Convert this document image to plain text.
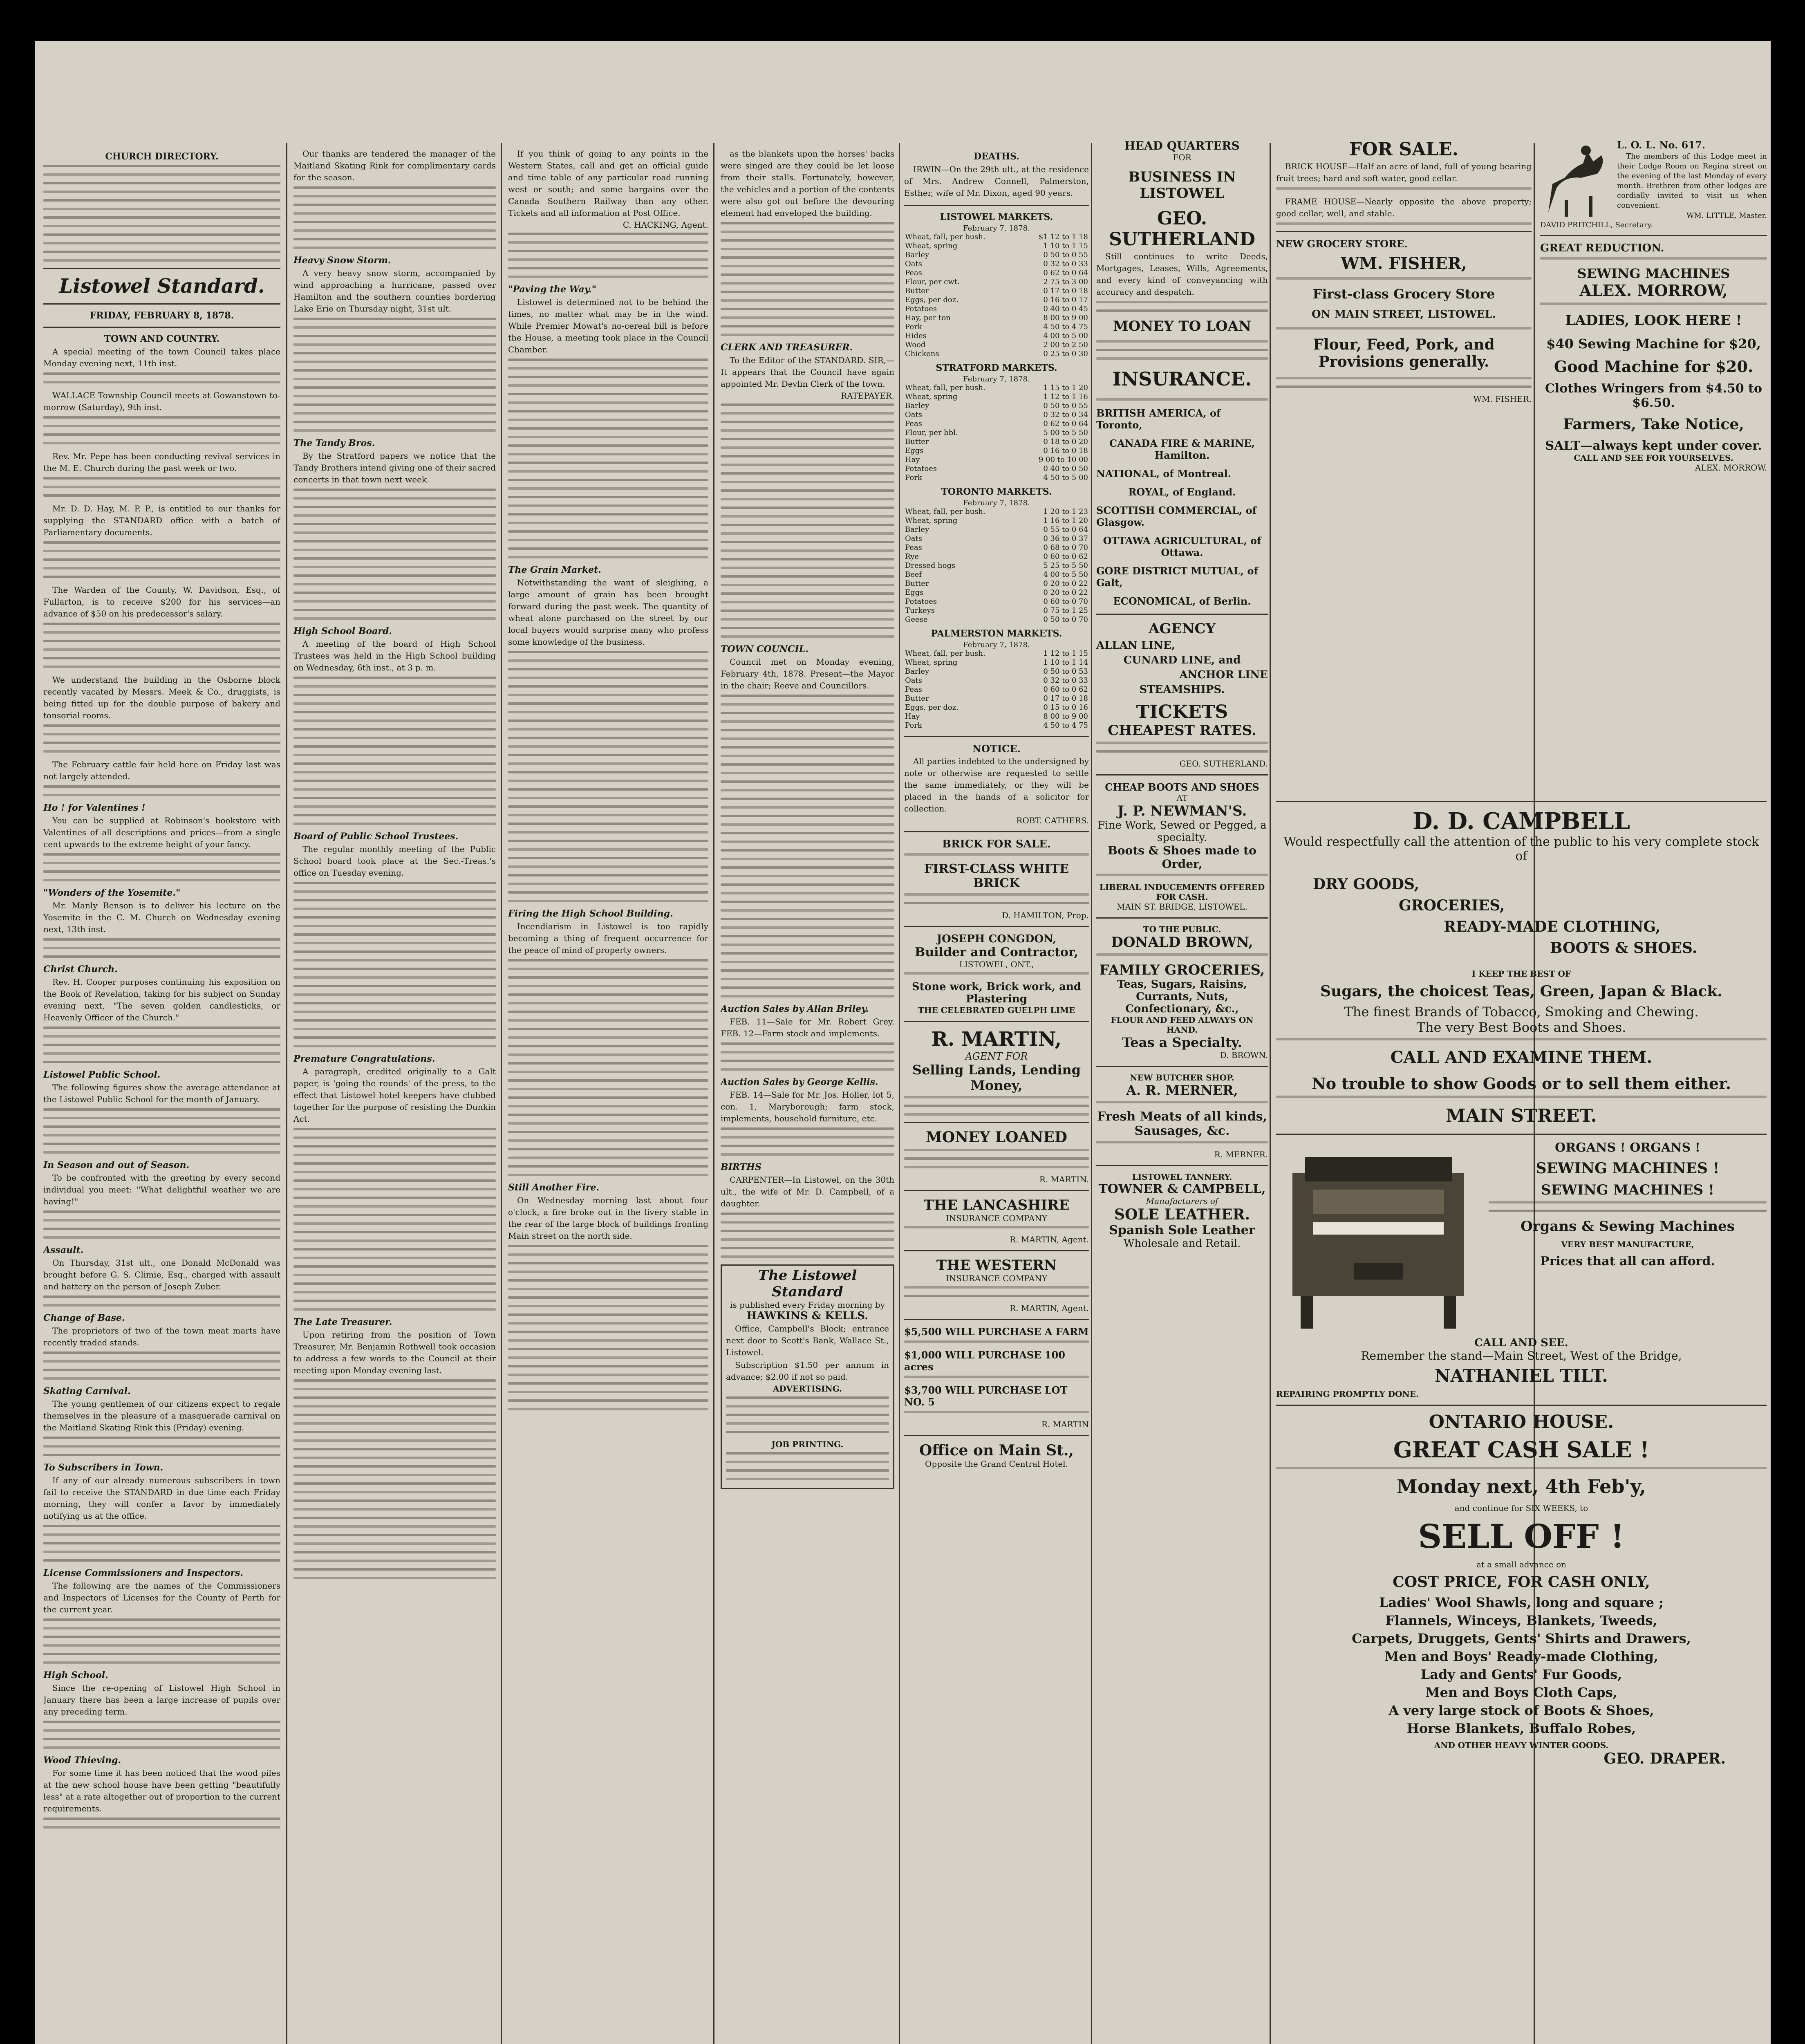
CHURCH DIRECTORY.
Listowel Standard.
FRIDAY, FEBRUARY 8, 1878.
TOWN AND COUNTRY.
A special meeting of the town Council takes place Monday evening next, 11th inst.
WALLACE Township Council meets at Gowanstown to-morrow (Saturday), 9th inst.
Rev. Mr. Pepe has been conducting revival services in the M. E. Church during the past week or two.
Mr. D. D. Hay, M. P. P., is entitled to our thanks for supplying the STANDARD office with a batch of Parliamentary documents.
The Warden of the County, W. Davidson, Esq., of Fullarton, is to receive $200 for his services—an advance of $50 on his predecessor's salary.
We understand the building in the Osborne block recently vacated by Messrs. Meek & Co., druggists, is being fitted up for the double purpose of bakery and tonsorial rooms.
The February cattle fair held here on Friday last was not largely attended.
Ho ! for Valentines !
You can be supplied at Robinson's bookstore with Valentines of all descriptions and prices—from a single cent upwards to the extreme height of your fancy.
"Wonders of the Yosemite."
Mr. Manly Benson is to deliver his lecture on the Yosemite in the C. M. Church on Wednesday evening next, 13th inst.
Christ Church.
Rev. H. Cooper purposes continuing his exposition on the Book of Revelation, taking for his subject on Sunday evening next, "The seven golden candlesticks, or Heavenly Officer of the Church."
Listowel Public School.
The following figures show the average attendance at the Listowel Public School for the month of January.
In Season and out of Season.
To be confronted with the greeting by every second individual you meet: "What delightful weather we are having!"
Assault.
On Thursday, 31st ult., one Donald McDonald was brought before G. S. Climie, Esq., charged with assault and battery on the person of Joseph Zuber.
Change of Base.
The proprietors of two of the town meat marts have recently traded stands.
Skating Carnival.
The young gentlemen of our citizens expect to regale themselves in the pleasure of a masquerade carnival on the Maitland Skating Rink this (Friday) evening.
To Subscribers in Town.
If any of our already numerous subscribers in town fail to receive the STANDARD in due time each Friday morning, they will confer a favor by immediately notifying us at the office.
License Commissioners and Inspectors.
The following are the names of the Commissioners and Inspectors of Licenses for the County of Perth for the current year.
High School.
Since the re-opening of Listowel High School in January there has been a large increase of pupils over any preceding term.
Wood Thieving.
For some time it has been noticed that the wood piles at the new school house have been getting "beautifully less" at a rate altogether out of proportion to the current requirements.
Our thanks are tendered the manager of the Maitland Skating Rink for complimentary cards for the season.
Heavy Snow Storm.
A very heavy snow storm, accompanied by wind approaching a hurricane, passed over Hamilton and the southern counties bordering Lake Erie on Thursday night, 31st ult.
The Tandy Bros.
By the Stratford papers we notice that the Tandy Brothers intend giving one of their sacred concerts in that town next week.
High School Board.
A meeting of the board of High School Trustees was held in the High School building on Wednesday, 6th inst., at 3 p. m.
Board of Public School Trustees.
The regular monthly meeting of the Public School board took place at the Sec.-Treas.'s office on Tuesday evening.
Premature Congratulations.
A paragraph, credited originally to a Galt paper, is 'going the rounds' of the press, to the effect that Listowel hotel keepers have clubbed together for the purpose of resisting the Dunkin Act.
The Late Treasurer.
Upon retiring from the position of Town Treasurer, Mr. Benjamin Rothwell took occasion to address a few words to the Council at their meeting upon Monday evening last.
If you think of going to any points in the Western States, call and get an official guide and time table of any particular road running west or south; and some bargains over the Canada Southern Railway than any other. Tickets and all information at Post Office.
C. HACKING, Agent.
"Paving the Way."
Listowel is determined not to be behind the times, no matter what may be in the wind. While Premier Mowat's no-cereal bill is before the House, a meeting took place in the Council Chamber.
The Grain Market.
Notwithstanding the want of sleighing, a large amount of grain has been brought forward during the past week. The quantity of wheat alone purchased on the street by our local buyers would surprise many who profess some knowledge of the business.
Firing the High School Building.
Incendiarism in Listowel is too rapidly becoming a thing of frequent occurrence for the peace of mind of property owners.
Still Another Fire.
On Wednesday morning last about four o'clock, a fire broke out in the livery stable in the rear of the large block of buildings fronting Main street on the north side.
as the blankets upon the horses' backs were singed are they could be let loose from their stalls. Fortunately, however, the vehicles and a portion of the contents were also got out before the devouring element had enveloped the building.
CLERK AND TREASURER.
To the Editor of the STANDARD. SIR,—It appears that the Council have again appointed Mr. Devlin Clerk of the town.
RATEPAYER.
TOWN COUNCIL.
Council met on Monday evening, February 4th, 1878. Present—the Mayor in the chair; Reeve and Councillors.
Auction Sales by Allan Briley.
FEB. 11—Sale for Mr. Robert Grey. FEB. 12—Farm stock and implements.
Auction Sales by George Kellis.
FEB. 14—Sale for Mr. Jos. Holler, lot 5, con. 1, Maryborough; farm stock, implements, household furniture, etc.
BIRTHS
CARPENTER—In Listowel, on the 30th ult., the wife of Mr. D. Campbell, of a daughter.
The Listowel Standard
is published every Friday morning by
HAWKINS & KELLS.
Office, Campbell's Block; entrance next door to Scott's Bank, Wallace St., Listowel.
Subscription $1.50 per annum in advance; $2.00 if not so paid.
ADVERTISING.
JOB PRINTING.
DEATHS.
IRWIN—On the 29th ult., at the residence of Mrs. Andrew Connell, Palmerston, Esther, wife of Mr. Dixon, aged 90 years.
LISTOWEL MARKETS.
February 7, 1878.
Wheat, fall, per bush.	$1 12 to 1 18
Wheat, spring	1 10 to 1 15
Barley	0 50 to 0 55
Oats	0 32 to 0 33
Peas	0 62 to 0 64
Flour, per cwt.	2 75 to 3 00
Butter	0 17 to 0 18
Eggs, per doz.	0 16 to 0 17
Potatoes	0 40 to 0 45
Hay, per ton	8 00 to 9 00
Pork	4 50 to 4 75
Hides	4 00 to 5 00
Wood	2 00 to 2 50
Chickens	0 25 to 0 30
STRATFORD MARKETS.
February 7, 1878.
Wheat, fall, per bush.	1 15 to 1 20
Wheat, spring	1 12 to 1 16
Barley	0 50 to 0 55
Oats	0 32 to 0 34
Peas	0 62 to 0 64
Flour, per bbl.	5 00 to 5 50
Butter	0 18 to 0 20
Eggs	0 16 to 0 18
Hay	9 00 to 10 00
Potatoes	0 40 to 0 50
Pork	4 50 to 5 00
TORONTO MARKETS.
February 7, 1878.
Wheat, fall, per bush.	1 20 to 1 23
Wheat, spring	1 16 to 1 20
Barley	0 55 to 0 64
Oats	0 36 to 0 37
Peas	0 68 to 0 70
Rye	0 60 to 0 62
Dressed hogs	5 25 to 5 50
Beef	4 00 to 5 50
Butter	0 20 to 0 22
Eggs	0 20 to 0 22
Potatoes	0 60 to 0 70
Turkeys	0 75 to 1 25
Geese	0 50 to 0 70
PALMERSTON MARKETS.
February 7, 1878.
Wheat, fall, per bush.	1 12 to 1 15
Wheat, spring	1 10 to 1 14
Barley	0 50 to 0 53
Oats	0 32 to 0 33
Peas	0 60 to 0 62
Butter	0 17 to 0 18
Eggs, per doz.	0 15 to 0 16
Hay	8 00 to 9 00
Pork	4 50 to 4 75
NOTICE.
All parties indebted to the undersigned by note or otherwise are requested to settle the same immediately, or they will be placed in the hands of a solicitor for collection.
ROBT. CATHERS.
BRICK FOR SALE.
FIRST-CLASS WHITE BRICK
D. HAMILTON, Prop.
JOSEPH CONGDON,
Builder and Contractor,
LISTOWEL, ONT.,
Stone work, Brick work, and Plastering
THE CELEBRATED GUELPH LIME
R. MARTIN,
AGENT FOR
Selling Lands, Lending Money,
MONEY LOANED
R. MARTIN.
THE LANCASHIRE
INSURANCE COMPANY
R. MARTIN, Agent.
THE WESTERN
INSURANCE COMPANY
R. MARTIN, Agent.
$5,500 WILL PURCHASE A FARM
$1,000 WILL PURCHASE 100 acres
$3,700 WILL PURCHASE LOT NO. 5
R. MARTIN
Office on Main St.,
Opposite the Grand Central Hotel.
HEAD QUARTERS
FOR
BUSINESS IN LISTOWEL
GEO. SUTHERLAND
Still continues to write Deeds, Mortgages, Leases, Wills, Agreements, and every kind of conveyancing with accuracy and despatch.
MONEY TO LOAN
INSURANCE.
BRITISH AMERICA, of Toronto,
CANADA FIRE & MARINE, Hamilton.
NATIONAL, of Montreal.
ROYAL, of England.
SCOTTISH COMMERCIAL, of Glasgow.
OTTAWA AGRICULTURAL, of Ottawa.
GORE DISTRICT MUTUAL, of Galt,
ECONOMICAL, of Berlin.
AGENCY
ALLAN LINE,
CUNARD LINE, and
ANCHOR LINE
STEAMSHIPS.
TICKETS
CHEAPEST RATES.
GEO. SUTHERLAND.
CHEAP BOOTS AND SHOES
AT
J. P. NEWMAN'S.
Fine Work, Sewed or Pegged, a specialty.
Boots & Shoes made to Order,
LIBERAL INDUCEMENTS OFFERED FOR CASH.
MAIN ST. BRIDGE, LISTOWEL.
TO THE PUBLIC.
DONALD BROWN,
FAMILY GROCERIES,
Teas, Sugars, Raisins, Currants, Nuts, Confectionary, &c.,
FLOUR AND FEED ALWAYS ON HAND.
Teas a Specialty.
D. BROWN.
NEW BUTCHER SHOP.
A. R. MERNER,
Fresh Meats of all kinds, Sausages, &c.
R. MERNER.
LISTOWEL TANNERY.
TOWNER & CAMPBELL,
Manufacturers of
SOLE LEATHER.
Spanish Sole Leather
Wholesale and Retail.
FOR SALE.
BRICK HOUSE—Half an acre of land, full of young bearing fruit trees; hard and soft water, good cellar.
FRAME HOUSE—Nearly opposite the above property; good cellar, well, and stable.
NEW GROCERY STORE.
WM. FISHER,
First-class Grocery Store
ON MAIN STREET, LISTOWEL.
Flour, Feed, Pork, and Provisions generally.
WM. FISHER.
L. O. L. No. 617.
The members of this Lodge meet in their Lodge Room on Regina street on the evening of the last Monday of every month. Brethren from other lodges are cordially invited to visit us when convenient.
WM. LITTLE, Master.
DAVID PRITCHILL, Secretary.
GREAT REDUCTION.
SEWING MACHINES
ALEX. MORROW,
LADIES, LOOK HERE !
$40 Sewing Machine for $20,
Good Machine for $20.
Clothes Wringers from $4.50 to $6.50.
Farmers, Take Notice,
SALT—always kept under cover.
CALL AND SEE FOR YOURSELVES.
ALEX. MORROW.
D. D. CAMPBELL
Would respectfully call the attention of the public to his very complete stock of
DRY GOODS,
GROCERIES,
READY-MADE CLOTHING,
BOOTS & SHOES.
I KEEP THE BEST OF
Sugars, the choicest Teas, Green, Japan & Black.
The finest Brands of Tobacco, Smoking and Chewing.
The very Best Boots and Shoes.
CALL AND EXAMINE THEM.
No trouble to show Goods or to sell them either.
MAIN STREET.
ORGANS ! ORGANS !
SEWING MACHINES !
SEWING MACHINES !
Organs & Sewing Machines
VERY BEST MANUFACTURE,
Prices that all can afford.
CALL AND SEE.
Remember the stand—Main Street, West of the Bridge,
NATHANIEL TILT.
REPAIRING PROMPTLY DONE.
ONTARIO HOUSE.
GREAT CASH SALE !
Monday next, 4th Feb'y,
and continue for SIX WEEKS, to
SELL OFF !
at a small advance on
COST PRICE, FOR CASH ONLY,
Ladies' Wool Shawls, long and square ;
Flannels, Winceys, Blankets, Tweeds,
Carpets, Druggets, Gents' Shirts and Drawers,
Men and Boys' Ready-made Clothing,
Lady and Gents' Fur Goods,
Men and Boys Cloth Caps,
A very large stock of Boots & Shoes,
Horse Blankets, Buffalo Robes,
AND OTHER HEAVY WINTER GOODS.
GEO. DRAPER.
